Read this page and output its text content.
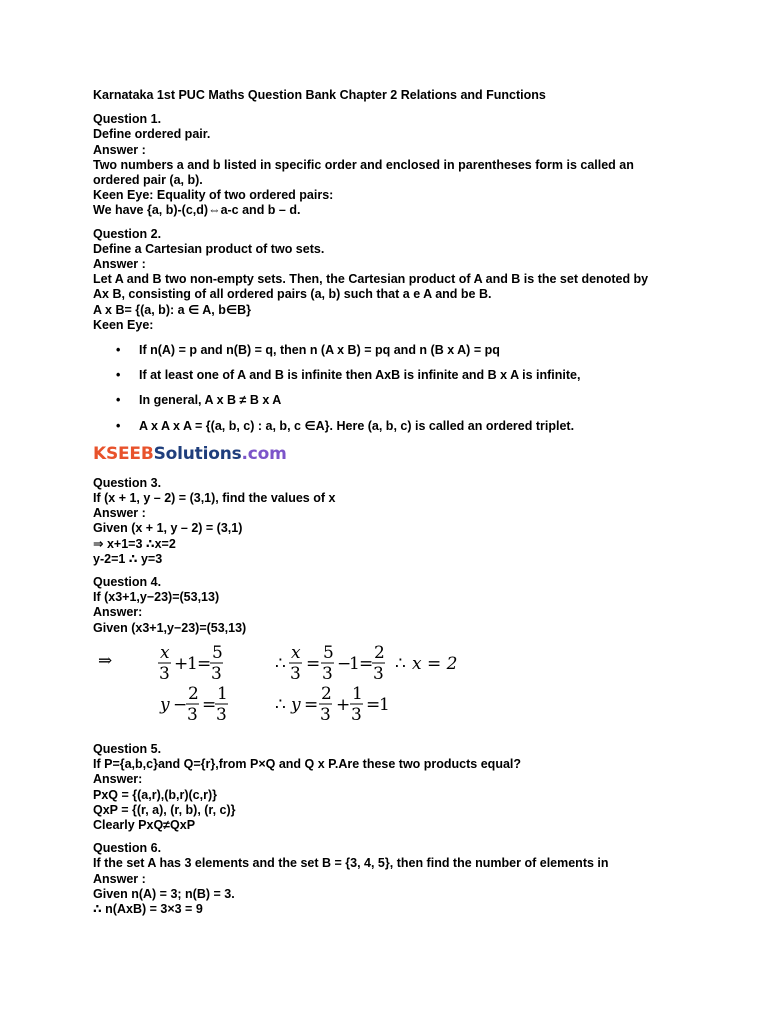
Karnataka 1st PUC Maths Question Bank Chapter 2 Relations and Functions
Question 1.
Define ordered pair.
Answer :
Two numbers a and b listed in specific order and enclosed in parentheses form is called an
ordered pair (a, b).
Keen Eye: Equality of two ordered pairs:
We have {a, b)-(c,d)⇔a-c and b – d.
Question 2.
Define a Cartesian product of two sets.
Answer :
Let A and B two non-empty sets. Then, the Cartesian product of A and B is the set denoted by
Ax B, consisting of all ordered pairs (a, b) such that a e A and be B.
A x B= {(a, b): a ∈ A, b∈B}
Keen Eye:
• If n(A) = p and n(B) = q, then n (A x B) = pq and n (B x A) = pq
• If at least one of A and B is infinite then AxB is infinite and B x A is infinite,
• In general, A x B ≠ B x A
• A x A x A = {(a, b, c) : a, b, c ∈A}. Here (a, b, c) is called an ordered triplet.
KSEEBSolutions.com
Question 3.
If (x + 1, y – 2) = (3,1), find the values of x
Answer :
Given (x + 1, y – 2) = (3,1)
⇒ x+1=3 ∴x=2
y-2=1 ∴ y=3
Question 4.
If (x3+1,y−23)=(53,13)
Answer:
Given (x3+1,y−23)=(53,13)
⇒	x
3 +
1 =
5
3	∴
x
3 =
5
3 −
1 =
2
3 ∴ x = 2
y −
2
3 =
1
3	∴ y =
2
3 +
1
3 =
1
Question 5.
If P={a,b,c}and Q={r},from P×Q and Q x P.Are these two products equal?
Answer:
PxQ = {(a,r),(b,r)(c,r)}
QxP = {(r, a), (r, b), (r, c)}
Clearly PxQ≠QxP
Question 6.
If the set A has 3 elements and the set B = {3, 4, 5}, then find the number of elements in
Answer :
Given n(A) = 3; n(B) = 3.
∴ n(AxB) = 3×3 = 9
